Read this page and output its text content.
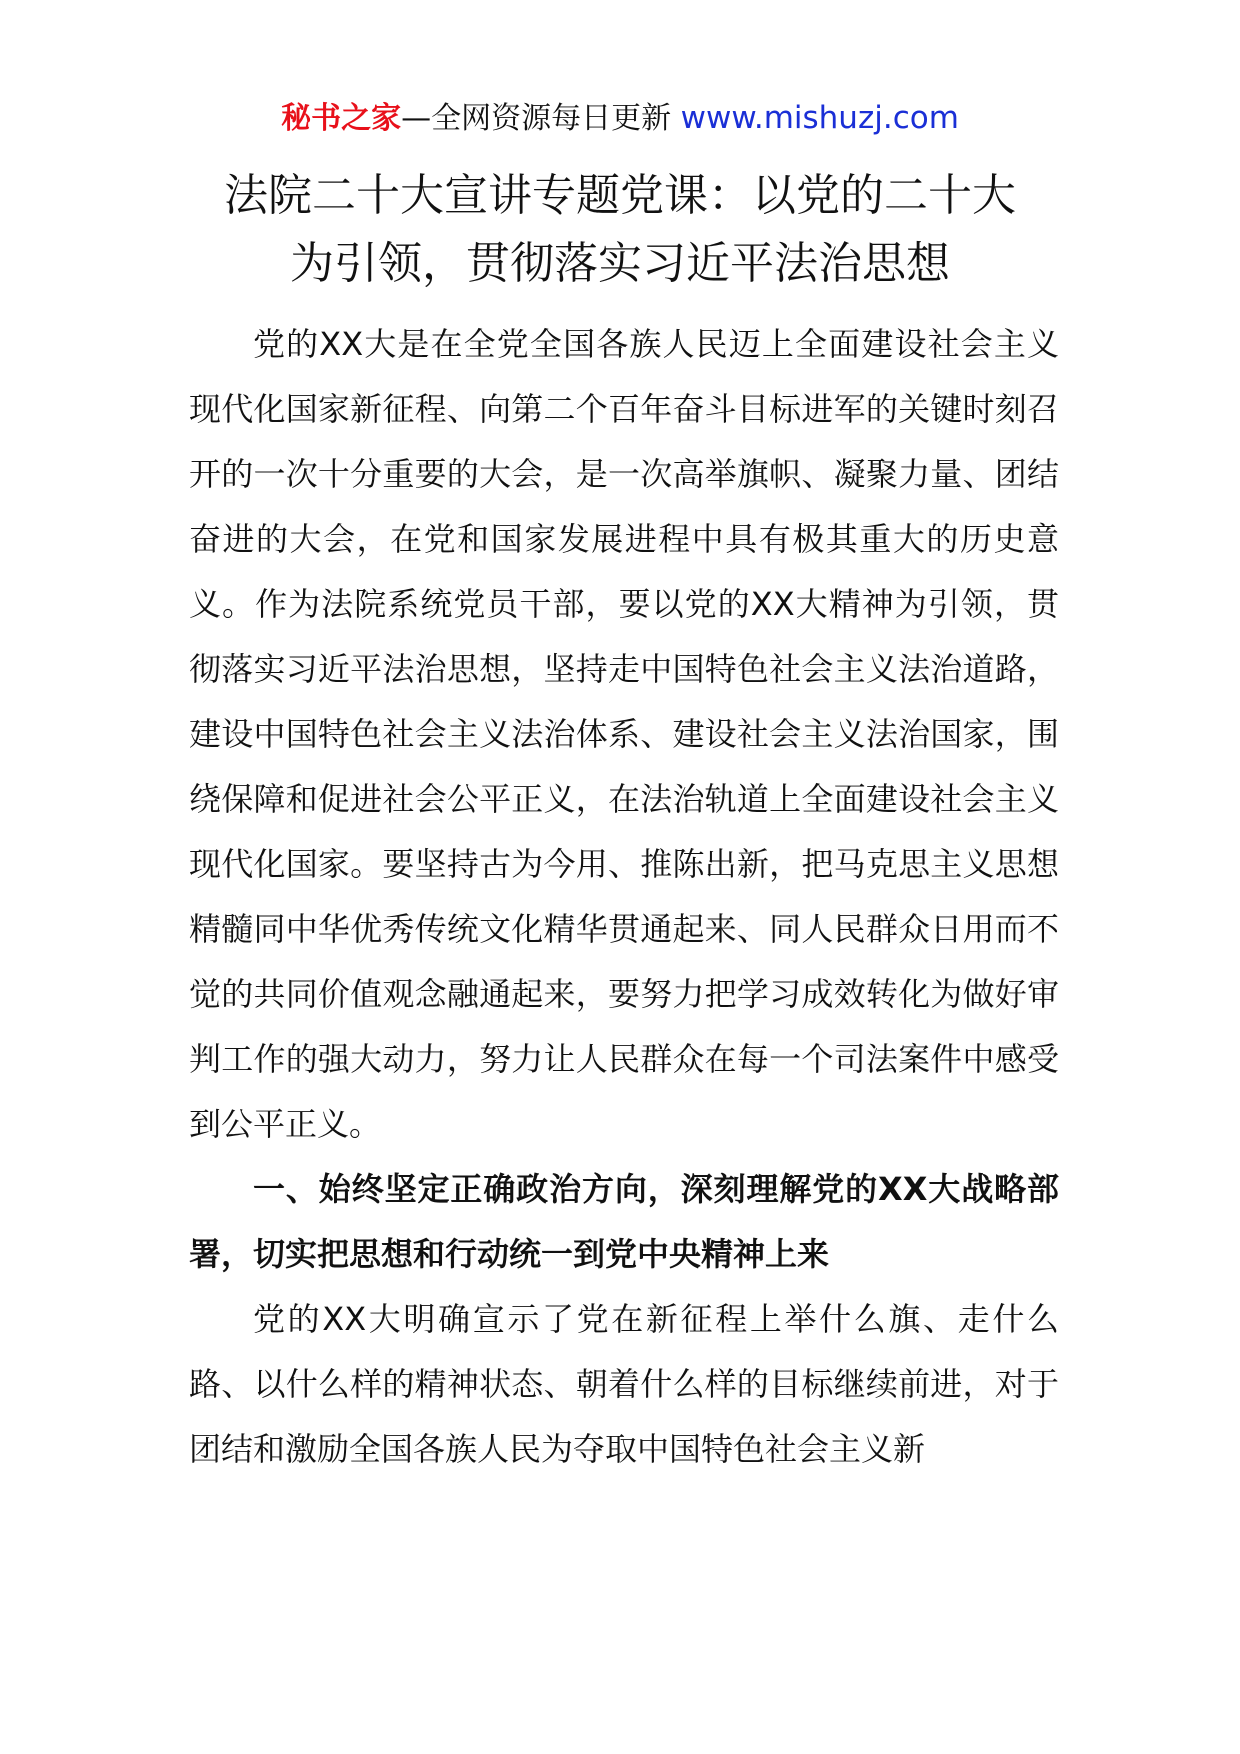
秘书之家—全网资源每日更新 www.mishuzj.com
法院二十大宣讲专题党课：以党的二十大
为引领，贯彻落实习近平法治思想

党的XX大是在全党全国各族人民迈上全面建设社会主义现代化国家新征程、向第二个百年奋斗目标进军的关键时刻召开的一次十分重要的大会，是一次高举旗帜、凝聚力量、团结奋进的大会，在党和国家发展进程中具有极其重大的历史意义。作为法院系统党员干部，要以党的XX大精神为引领，贯彻落实习近平法治思想，坚持走中国特色社会主义法治道路，建设中国特色社会主义法治体系、建设社会主义法治国家，围绕保障和促进社会公平正义，在法治轨道上全面建设社会主义现代化国家。要坚持古为今用、推陈出新，把马克思主义思想精髓同中华优秀传统文化精华贯通起来、同人民群众日用而不觉的共同价值观念融通起来，要努力把学习成效转化为做好审判工作的强大动力，努力让人民群众在每一个司法案件中感受到公平正义。

一、始终坚定正确政治方向，深刻理解党的XX大战略部署，切实把思想和行动统一到党中央精神上来

党的XX大明确宣示了党在新征程上举什么旗、走什么路、以什么样的精神状态、朝着什么样的目标继续前进，对于团结和激励全国各族人民为夺取中国特色社会主义新
